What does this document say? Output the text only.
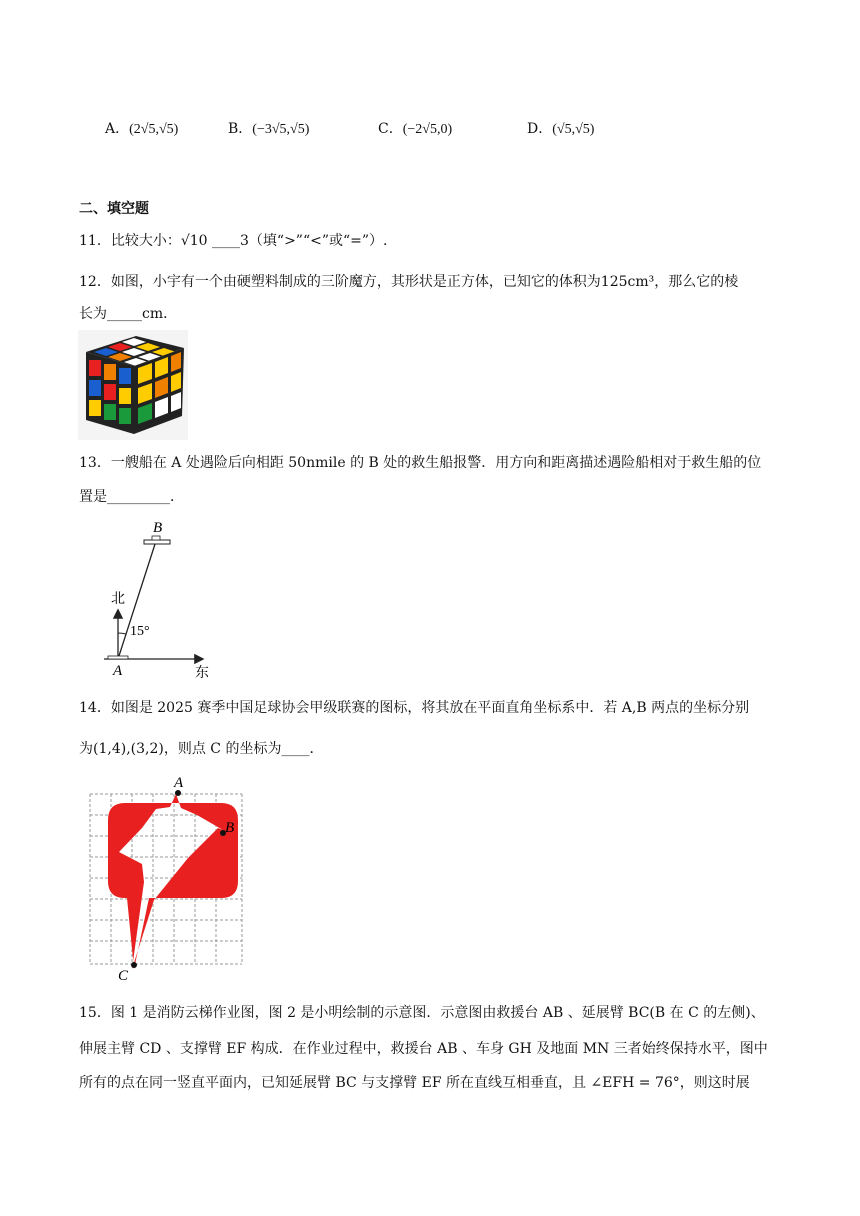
A．(2√5,√5)	B．(−3√5,√5)	C．(−2√5,0)	D．(√5,√5)
二、填空题
11．比较大小：√10 ____3（填“>”“<”或“=”）.
12．如图，小宇有一个由硬塑料制成的三阶魔方，其形状是正方体，已知它的体积为125cm³，那么它的棱
长为_____cm．
13．一艘船在 A 处遇险后向相距 50nmile 的 B 处的救生船报警．用方向和距离描述遇险船相对于救生船的位
置是_________．
B
A
北
东
15°
14．如图是 2025 赛季中国足球协会甲级联赛的图标，将其放在平面直角坐标系中．若 A,B 两点的坐标分别
为(1,4),(3,2)，则点 C 的坐标为____．
A
B
C
15．图 1 是消防云梯作业图，图 2 是小明绘制的示意图．示意图由救援台 AB 、延展臂 BC(B 在 C 的左侧)、
伸展主臂 CD 、支撑臂 EF 构成．在作业过程中，救援台 AB 、车身 GH 及地面 MN 三者始终保持水平，图中
所有的点在同一竖直平面内，已知延展臂 BC 与支撑臂 EF 所在直线互相垂直，且 ∠EFH = 76°，则这时展
